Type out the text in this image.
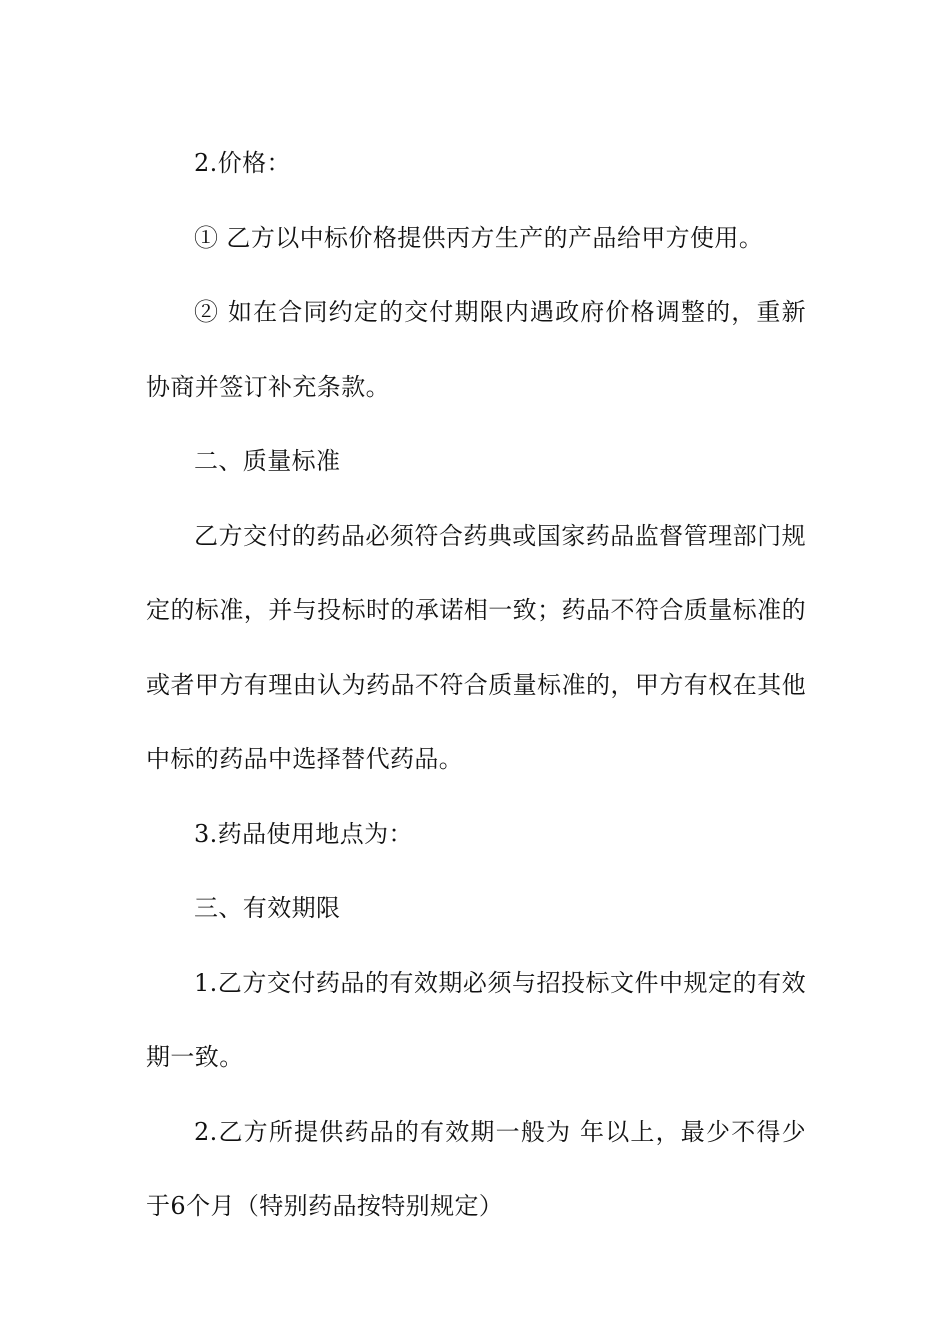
2.价格：

① 乙方以中标价格提供丙方生产的产品给甲方使用。

② 如在合同约定的交付期限内遇政府价格调整的，重新协商并签订补充条款。

二、质量标准

乙方交付的药品必须符合药典或国家药品监督管理部门规定的标准，并与投标时的承诺相一致；药品不符合质量标准的或者甲方有理由认为药品不符合质量标准的，甲方有权在其他中标的药品中选择替代药品。

3.药品使用地点为：

三、有效期限

1.乙方交付药品的有效期必须与招投标文件中规定的有效期一致。

2.乙方所提供药品的有效期一般为 年以上，最少不得少于6个月（特别药品按特别规定）
